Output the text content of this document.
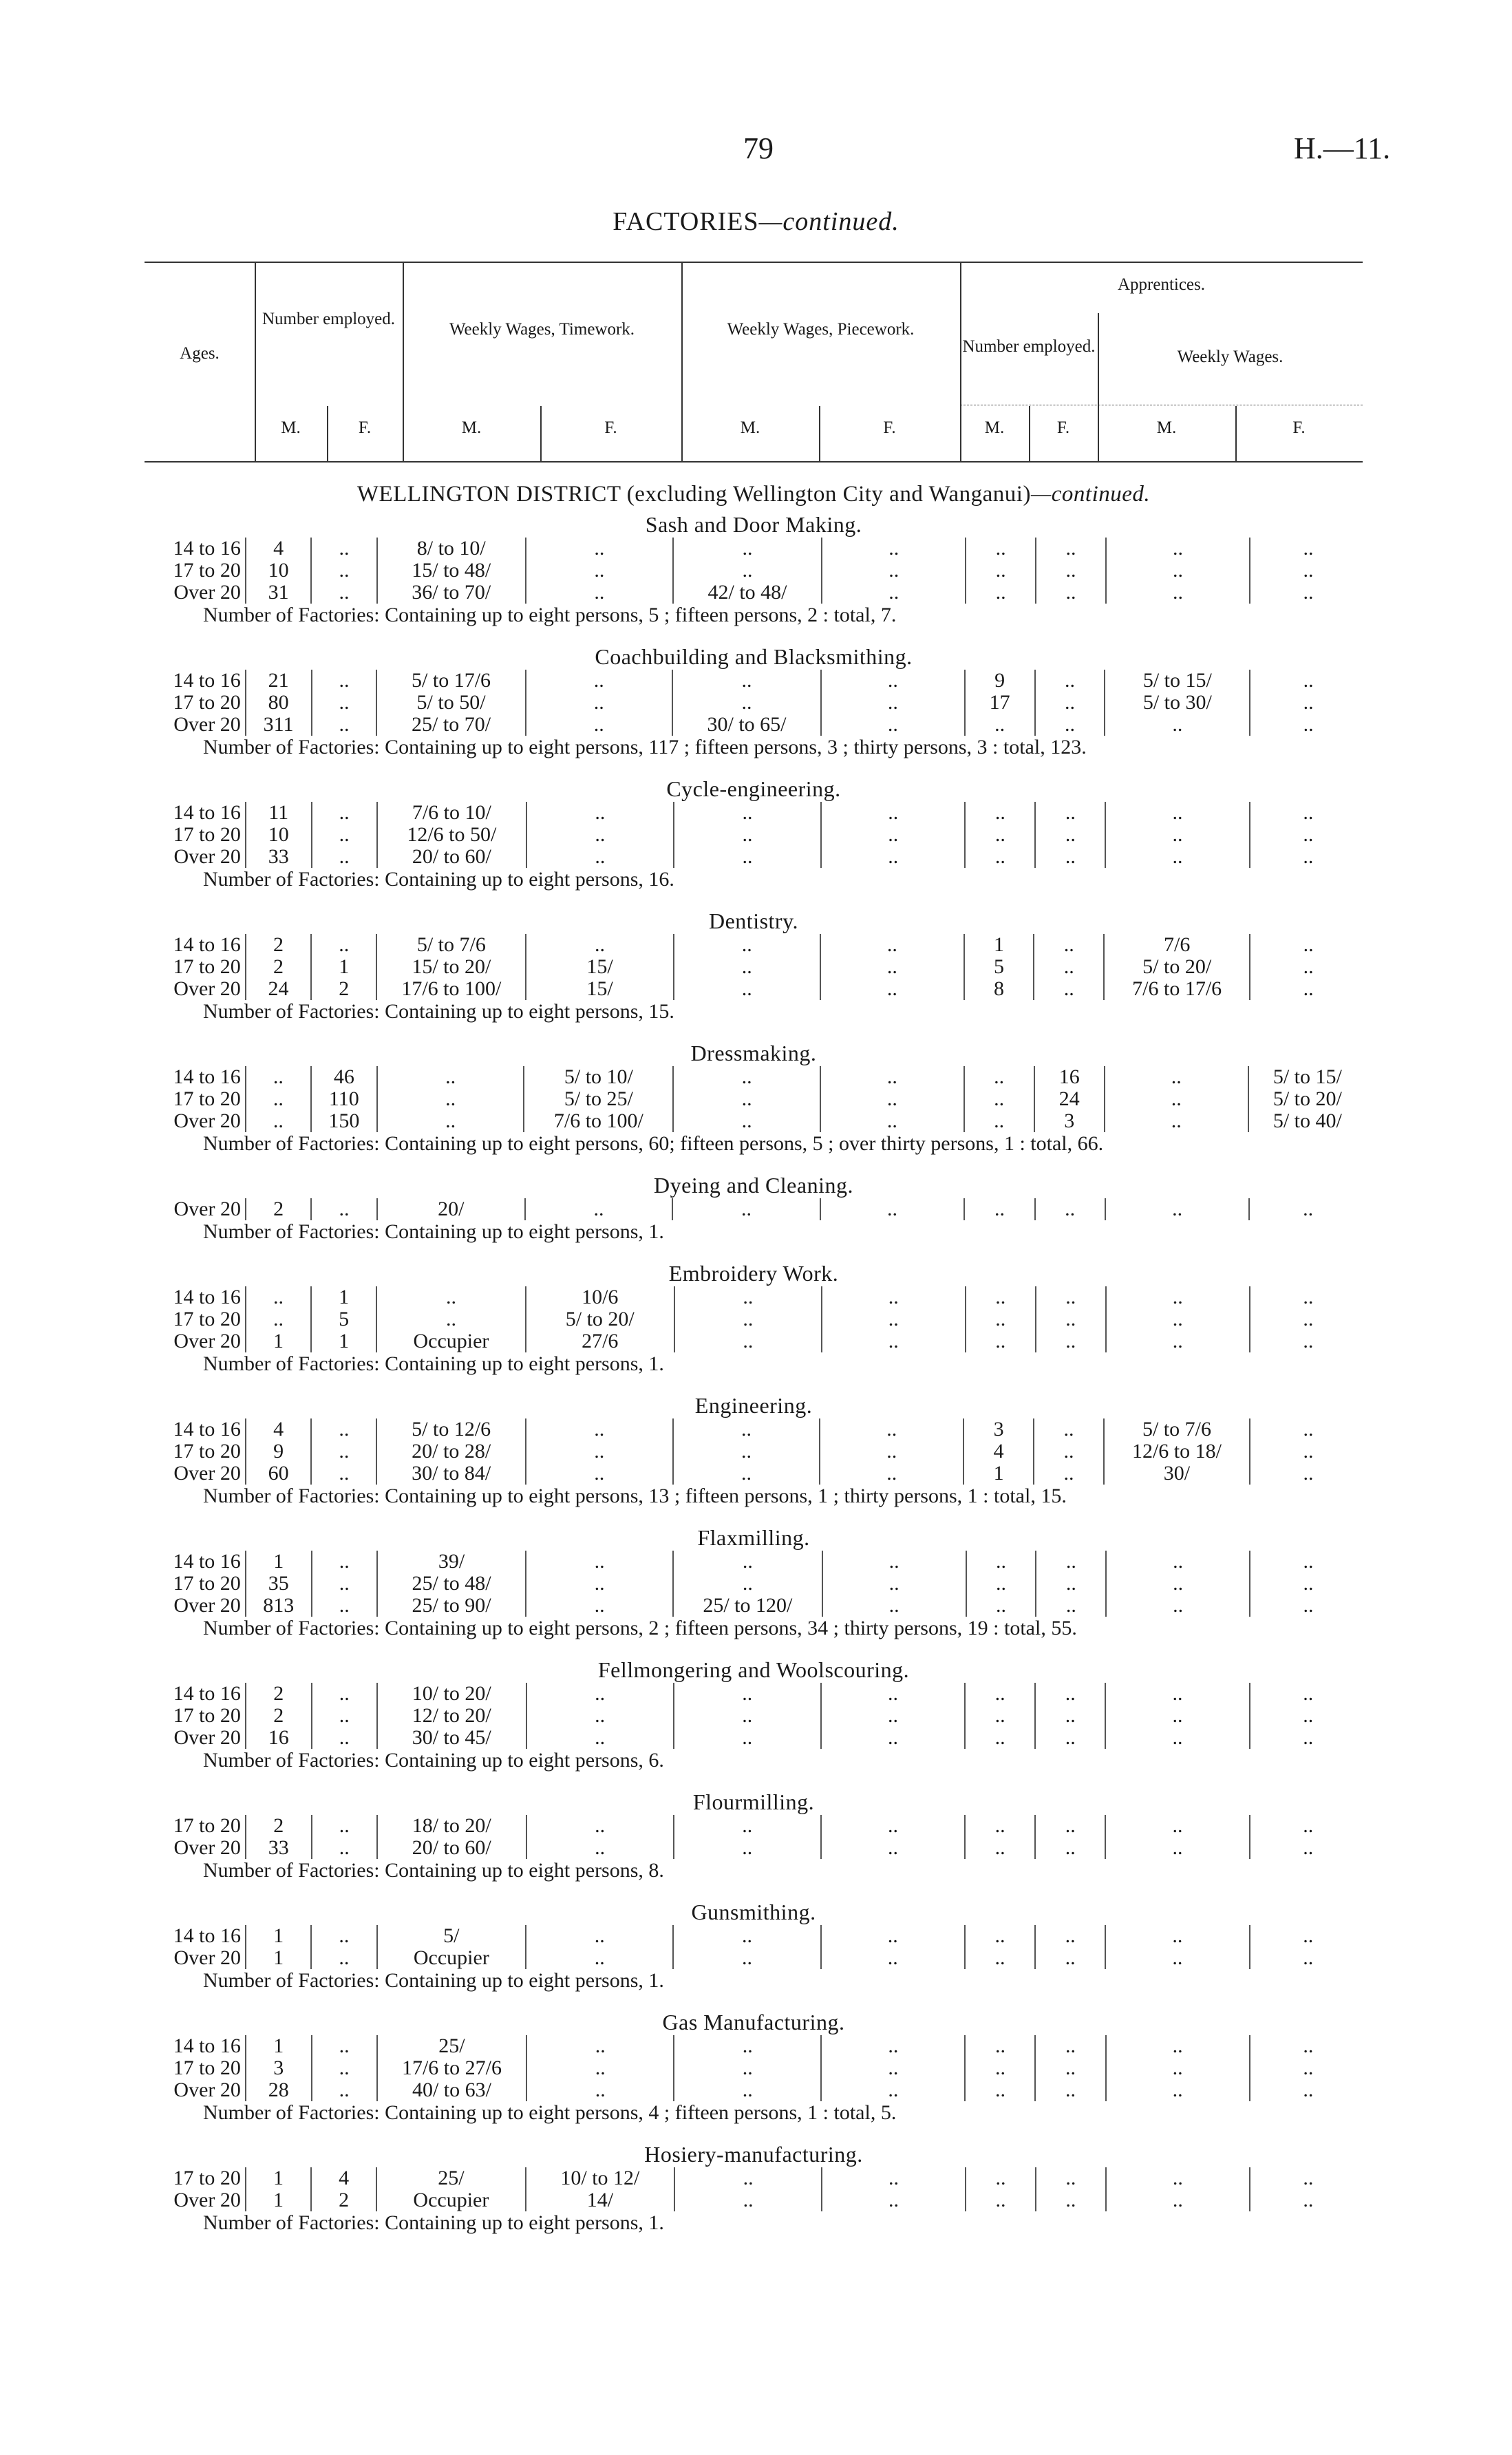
79	H.—11.
FACTORIES—continued.
Ages.
Number employed.
Weekly Wages, Timework.	Weekly Wages, Piecework.
Apprentices.
Number employed.
Weekly Wages.
M.	F.	M.	F.	M.	F.	M.	F.	M.	F.
WELLINGTON DISTRICT (excluding Wellington City and Wanganui)—continued.
Sash and Door Making.
14 to 16	4	..	8/ to 10/	..	..	..	..	..	..	..
17 to 20	10	..	15/ to 48/	..	..	..	..	..	..	..
Over 20	31	..	36/ to 70/	..	42/ to 48/	..	..	..	..	..
Number of Factories: Containing up to eight persons, 5 ; fifteen persons, 2 : total, 7.
Coachbuilding and Blacksmithing.
14 to 16	21	..	5/ to 17/6	..	..	..	9	..	5/ to 15/	..
17 to 20	80	..	5/ to 50/	..	..	..	17	..	5/ to 30/	..
Over 20	311	..	25/ to 70/	..	30/ to 65/	..	..	..	..	..
Number of Factories: Containing up to eight persons, 117 ; fifteen persons, 3 ; thirty persons, 3 : total, 123.
Cycle-engineering.
14 to 16	11	..	7/6 to 10/	..	..	..	..	..	..	..
17 to 20	10	..	12/6 to 50/	..	..	..	..	..	..	..
Over 20	33	..	20/ to 60/	..	..	..	..	..	..	..
Number of Factories: Containing up to eight persons, 16.
Dentistry.
14 to 16	2	..	5/ to 7/6	..	..	..	1	..	7/6	..
17 to 20	2	1	15/ to 20/	15/	..	..	5	..	5/ to 20/	..
Over 20	24	2	17/6 to 100/	15/	..	..	8	..	7/6 to 17/6	..
Number of Factories: Containing up to eight persons, 15.
Dressmaking.
14 to 16	..	46	..	5/ to 10/	..	..	..	16	..	5/ to 15/
17 to 20	..	110	..	5/ to 25/	..	..	..	24	..	5/ to 20/
Over 20	..	150	..	7/6 to 100/	..	..	..	3	..	5/ to 40/
Number of Factories: Containing up to eight persons, 60; fifteen persons, 5 ; over thirty persons, 1 : total, 66.
Dyeing and Cleaning.
Over 20	2	..	20/	..	..	..	..	..	..	..
Number of Factories: Containing up to eight persons, 1.
Embroidery Work.
14 to 16	..	1	..	10/6	..	..	..	..	..	..
17 to 20	..	5	..	5/ to 20/	..	..	..	..	..	..
Over 20	1	1	Occupier	27/6	..	..	..	..	..	..
Number of Factories: Containing up to eight persons, 1.
Engineering.
14 to 16	4	..	5/ to 12/6	..	..	..	3	..	5/ to 7/6	..
17 to 20	9	..	20/ to 28/	..	..	..	4	..	12/6 to 18/	..
Over 20	60	..	30/ to 84/	..	..	..	1	..	30/	..
Number of Factories: Containing up to eight persons, 13 ; fifteen persons, 1 ; thirty persons, 1 : total, 15.
Flaxmilling.
14 to 16	1	..	39/	..	..	..	..	..	..	..
17 to 20	35	..	25/ to 48/	..	..	..	..	..	..	..
Over 20	813	..	25/ to 90/	..	25/ to 120/	..	..	..	..	..
Number of Factories: Containing up to eight persons, 2 ; fifteen persons, 34 ; thirty persons, 19 : total, 55.
Fellmongering and Woolscouring.
14 to 16	2	..	10/ to 20/	..	..	..	..	..	..	..
17 to 20	2	..	12/ to 20/	..	..	..	..	..	..	..
Over 20	16	..	30/ to 45/	..	..	..	..	..	..	..
Number of Factories: Containing up to eight persons, 6.
Flourmilling.
17 to 20	2	..	18/ to 20/	..	..	..	..	..	..	..
Over 20	33	..	20/ to 60/	..	..	..	..	..	..	..
Number of Factories: Containing up to eight persons, 8.
Gunsmithing.
14 to 16	1	..	5/	..	..	..	..	..	..	..
Over 20	1	..	Occupier	..	..	..	..	..	..	..
Number of Factories: Containing up to eight persons, 1.
Gas Manufacturing.
14 to 16	1	..	25/	..	..	..	..	..	..	..
17 to 20	3	..	17/6 to 27/6	..	..	..	..	..	..	..
Over 20	28	..	40/ to 63/	..	..	..	..	..	..	..
Number of Factories: Containing up to eight persons, 4 ; fifteen persons, 1 : total, 5.
Hosiery-manufacturing.
17 to 20	1	4	25/	10/ to 12/	..	..	..	..	..	..
Over 20	1	2	Occupier	14/	..	..	..	..	..	..
Number of Factories: Containing up to eight persons, 1.
